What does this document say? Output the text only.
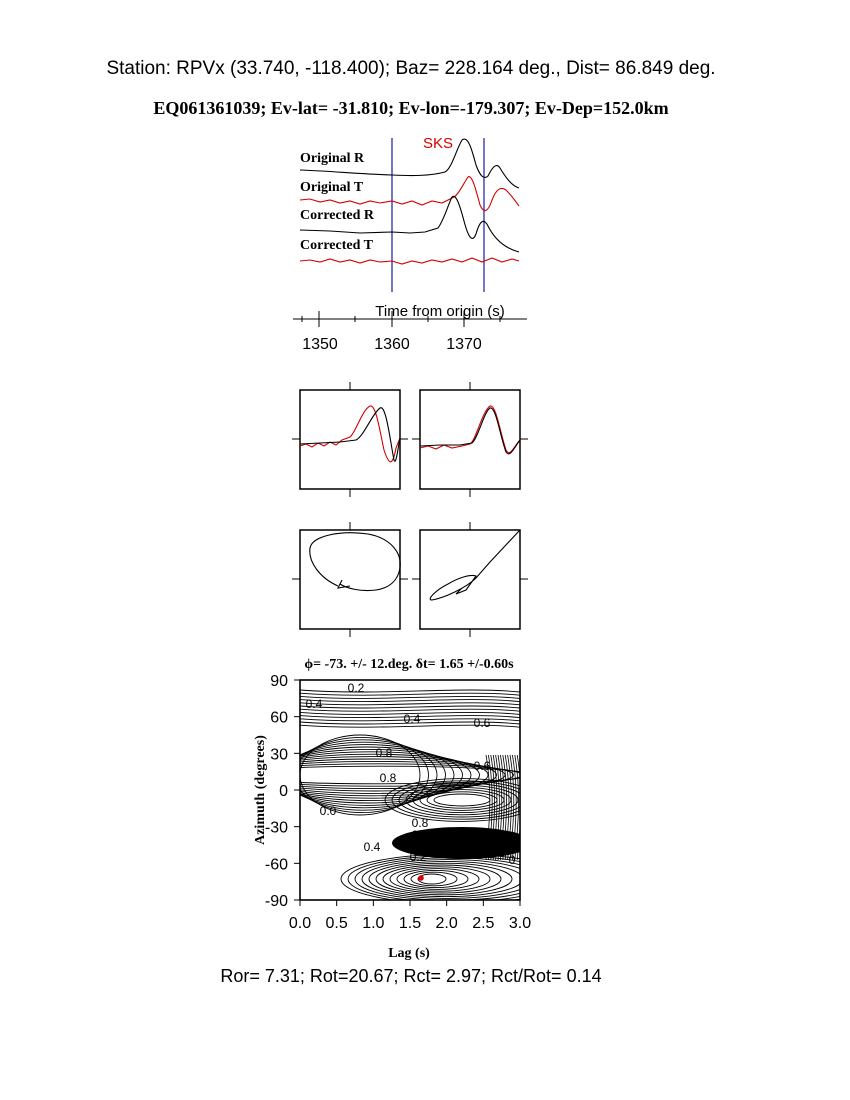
Station: RPVx (33.740, -118.400); Baz= 228.164 deg., Dist= 86.849 deg.
EQ061361039; Ev-lat= -31.810; Ev-lon=-179.307; Ev-Dep=152.0km
SKS
Original R
Original T
Corrected R
Corrected T
Time from origin (s)
1350 1360 1370
ϕ= -73. +/- 12.deg. δt= 1.65 +/-0.60s
0.2
0.4
0.4	0.6
0.8
0.6
0.8
0.0
0.8
0.6
0.4	0.4
0.2	0
90
60
30
0
-30
-60
-90
0.0 0.5 1.0 1.5 2.0 2.5 3.0
Lag (s)
Azimuth (degrees)
Ror= 7.31; Rot=20.67; Rct= 2.97; Rct/Rot= 0.14
